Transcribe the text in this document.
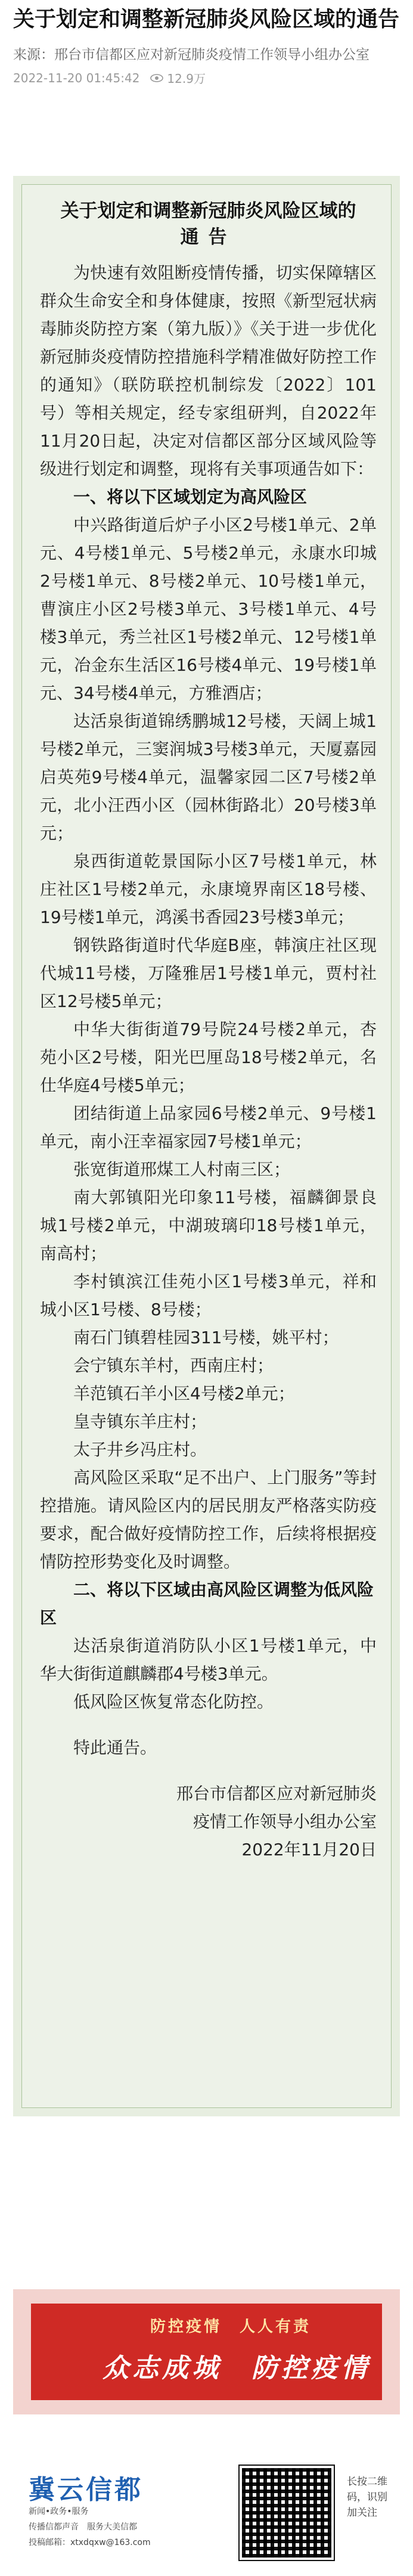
关于划定和调整新冠肺炎风险区域的通告
来源：邢台市信都区应对新冠肺炎疫情工作领导小组办公室
2022-11-20 01:45:42 12.9万

关于划定和调整新冠肺炎风险区域的

通告

为快速有效阻断疫情传播，切实保障辖区群众生命安全和身体健康，按照《新型冠状病毒肺炎防控方案（第九版）》《关于进一步优化新冠肺炎疫情防控措施科学精准做好防控工作的通知》（联防联控机制综发〔2022〕101号）等相关规定，经专家组研判，自2022年11月20日起，决定对信都区部分区域风险等级进行划定和调整，现将有关事项通告如下：

一、将以下区域划定为高风险区

中兴路街道后炉子小区2号楼1单元、2单元、4号楼1单元、5号楼2单元，永康水印城2号楼1单元、8号楼2单元、10号楼1单元，曹演庄小区2号楼3单元、3号楼1单元、4号楼3单元，秀兰社区1号楼2单元、12号楼1单元，冶金东生活区16号楼4单元、19号楼1单元、34号楼4单元，方雅酒店；

达活泉街道锦绣鹏城12号楼，天阔上城1号楼2单元，三窦润城3号楼3单元，天厦嘉园启英苑9号楼4单元，温馨家园二区7号楼2单元，北小汪西小区（园林街路北）20号楼3单元；

泉西街道乾景国际小区7号楼1单元，林庄社区1号楼2单元，永康境界南区18号楼、19号楼1单元，鸿溪书香园23号楼3单元；

钢铁路街道时代华庭B座，韩演庄社区现代城11号楼，万隆雅居1号楼1单元，贾村社区12号楼5单元；

中华大街街道79号院24号楼2单元，杏苑小区2号楼，阳光巴厘岛18号楼2单元，名仕华庭4号楼5单元；

团结街道上品家园6号楼2单元、9号楼1单元，南小汪幸福家园7号楼1单元；

张宽街道邢煤工人村南三区；

南大郭镇阳光印象11号楼，福麟御景良城1号楼2单元，中湖玻璃印18号楼1单元，南高村；

李村镇滨江佳苑小区1号楼3单元，祥和城小区1号楼、8号楼；

南石门镇碧桂园311号楼，姚平村；

会宁镇东羊村，西南庄村；

羊范镇石羊小区4号楼2单元；

皇寺镇东羊庄村；

太子井乡冯庄村。

高风险区采取“足不出户、上门服务”等封控措施。请风险区内的居民朋友严格落实防疫要求，配合做好疫情防控工作，后续将根据疫情防控形势变化及时调整。

二、将以下区域由高风险区调整为低风险区

达活泉街道消防队小区1号楼1单元，中华大街街道麒麟郡4号楼3单元。

低风险区恢复常态化防控。

特此通告。

邢台市信都区应对新冠肺炎

疫情工作领导小组办公室

2022年11月20日

防控疫情　人人有责
众志成城　防控疫情
冀云信都
新闻•政务•服务
传播信都声音　服务大美信都
投稿邮箱：xtxdqxw@163.com
长按二维码，识别加关注
